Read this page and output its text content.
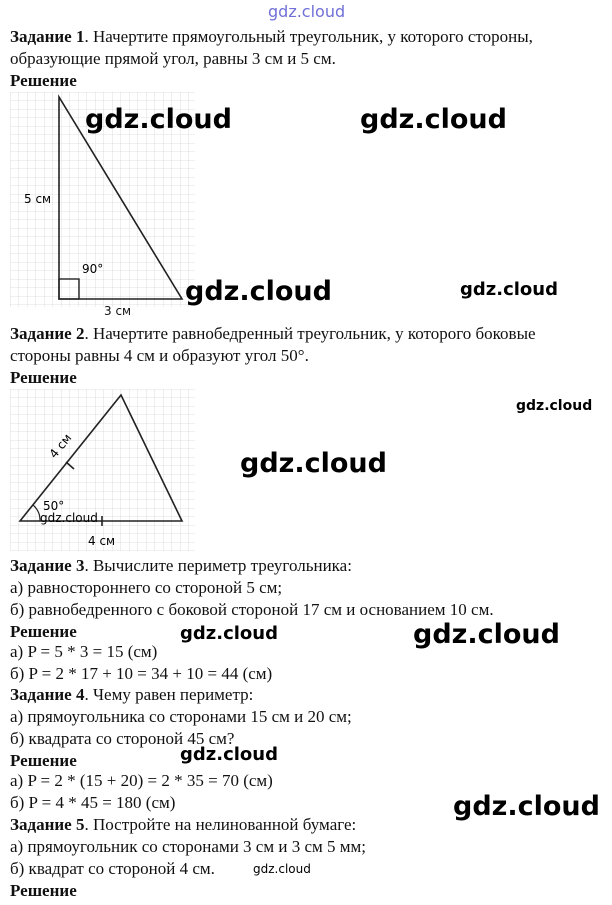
gdz.cloud
Задание 1. Начертите прямоугольный треугольник, у которого стороны,
образующие прямой угол, равны 3 см и 5 см.
Решение
5 см
90°
3 см
gdz.cloud	gdz.cloud
gdz.cloud	gdz.cloud
Задание 2. Начертите равнобедренный треугольник, у которого боковые
стороны равны 4 см и образуют угол 50°.
Решение
50°
4 см
4 см
gdz.cloud
gdz.cloud
gdz.cloud
Задание 3. Вычислите периметр треугольника:
а) равностороннего со стороной 5 см;
б) равнобедренного с боковой стороной 17 см и основанием 10 см.
Решение
а) P = 5 * 3 = 15 (см)
б) P = 2 * 17 + 10 = 34 + 10 = 44 (см)
gdz.cloud	gdz.cloud
Задание 4. Чему равен периметр:
а) прямоугольника со сторонами 15 см и 20 см;
б) квадрата со стороной 45 см?
Решение
а) P = 2 * (15 + 20) = 2 * 35 = 70 (см)
б) P = 4 * 45 = 180 (см)
gdz.cloud
gdz.cloud
Задание 5. Постройте на нелинованной бумаге:
а) прямоугольник со сторонами 3 см и 3 см 5 мм;
б) квадрат со стороной 4 см.	gdz.cloud
Решение
